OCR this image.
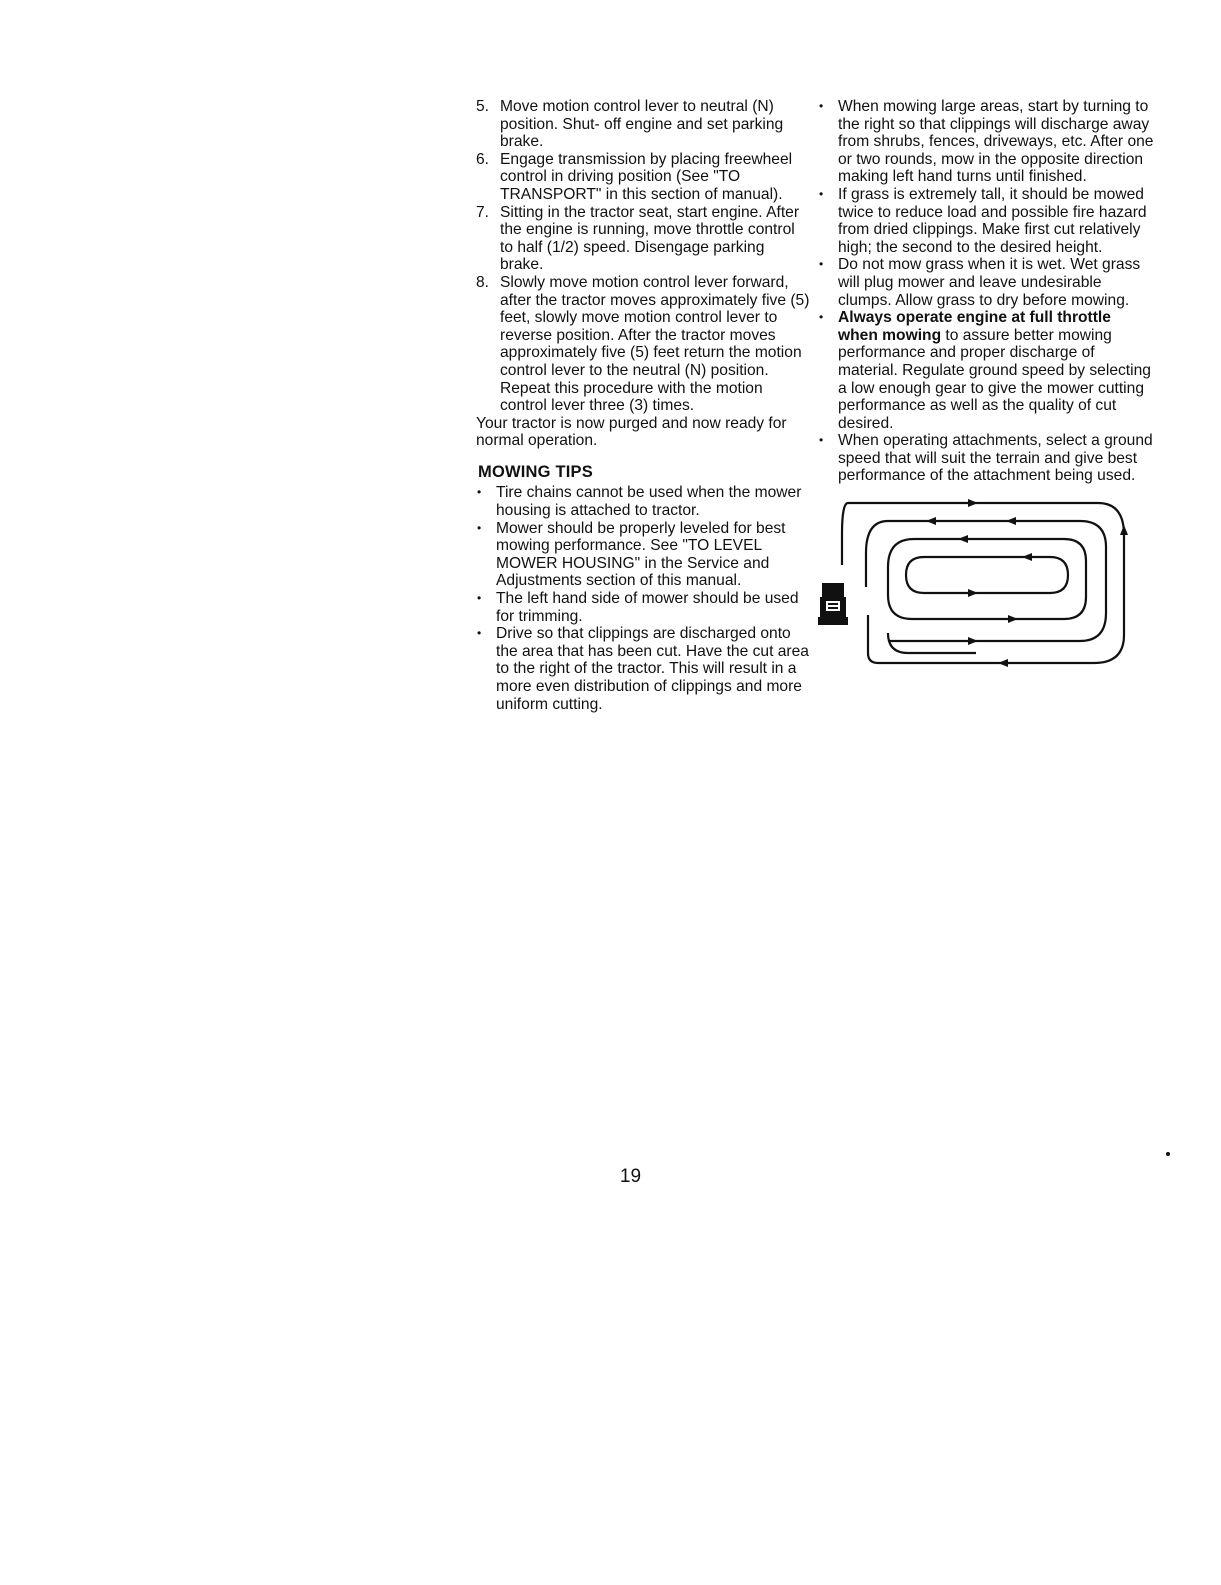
5. Move motion control lever to neutral (N) position. Shut- off engine and set parking brake.
6. Engage transmission by placing freewheel control in driving position (See "TO TRANSPORT" in this section of manual).
7. Sitting in the tractor seat, start engine. After the engine is running, move throttle control to half (1/2) speed. Disengage parking brake.
8. Slowly move motion control lever forward, after the tractor moves approximately five (5) feet, slowly move motion control lever to reverse position. After the tractor moves approximately five (5) feet return the motion control lever to the neutral (N) position. Repeat this procedure with the motion control lever three (3) times.

Your tractor is now purged and now ready for normal operation.

MOWING TIPS
• Tire chains cannot be used when the mower housing is attached to tractor.
• Mower should be properly leveled for best mowing performance. See "TO LEVEL MOWER HOUSING" in the Service and Adjustments section of this manual.
• The left hand side of mower should be used for trimming.
• Drive so that clippings are discharged onto the area that has been cut. Have the cut area to the right of the tractor. This will result in a more even distribution of clippings and more uniform cutting.
• When mowing large areas, start by turning to the right so that clippings will discharge away from shrubs, fences, driveways, etc. After one or two rounds, mow in the opposite direction making left hand turns until finished.
• If grass is extremely tall, it should be mowed twice to reduce load and possible fire hazard from dried clippings. Make first cut relatively high; the second to the desired height.
• Do not mow grass when it is wet. Wet grass will plug mower and leave undesirable clumps. Allow grass to dry before mowing.
• Always operate engine at full throttle when mowing to assure better mowing performance and proper discharge of material. Regulate ground speed by selecting a low enough gear to give the mower cutting performance as well as the quality of cut desired.
• When operating attachments, select a ground speed that will suit the terrain and give best performance of the attachment being used.
19
